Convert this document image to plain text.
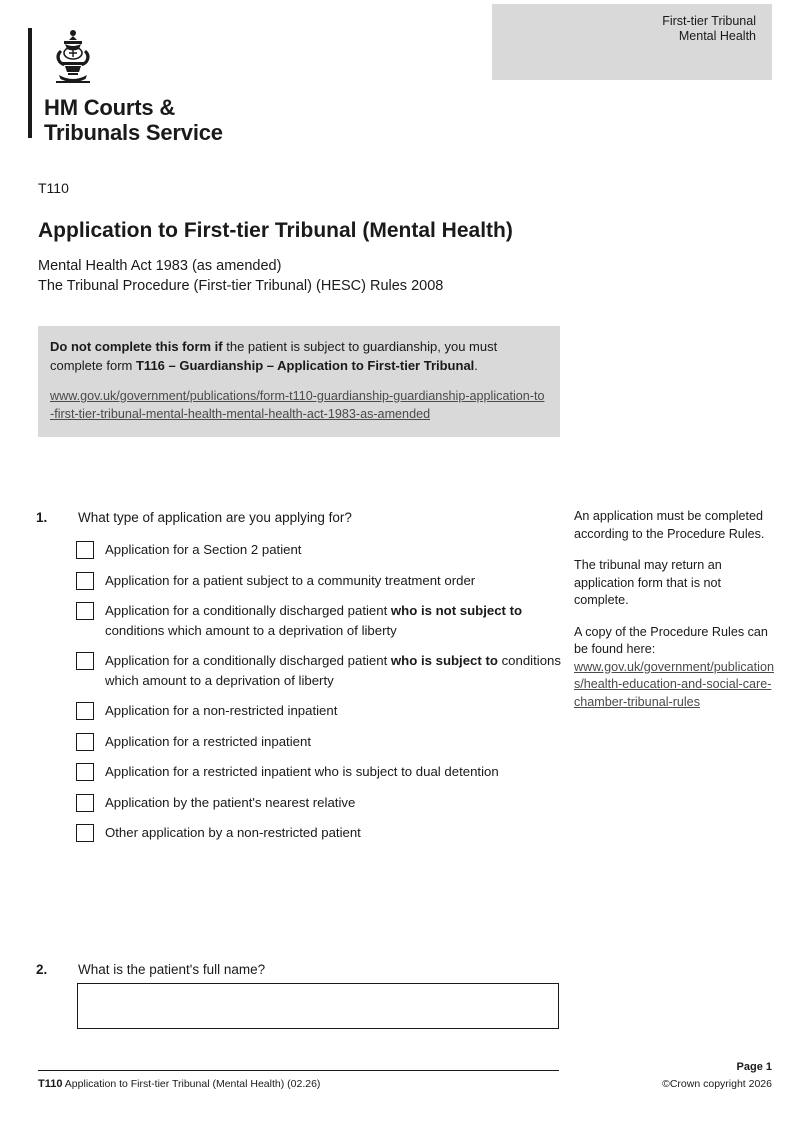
First-tier Tribunal
Mental Health
HM Courts &
Tribunals Service
T110
Application to First-tier Tribunal (Mental Health)
Mental Health Act 1983 (as amended)
The Tribunal Procedure (First-tier Tribunal) (HESC) Rules 2008

Do not complete this form if the patient is subject to guardianship, you must complete form T116 – Guardianship – Application to First-tier Tribunal.

www.gov.uk/government/publications/form-t110-guardianship-guardianship-application-to-first-tier-tribunal-mental-health-mental-health-act-1983-as-amended
1. What type of application are you applying for?
Application for a Section 2 patient
Application for a patient subject to a community treatment order
Application for a conditionally discharged patient who is not subject to conditions which amount to a deprivation of liberty
Application for a conditionally discharged patient who is subject to conditions which amount to a deprivation of liberty
Application for a non-restricted inpatient
Application for a restricted inpatient
Application for a restricted inpatient who is subject to dual detention
Application by the patient's nearest relative
Other application by a non-restricted patient
2. What is the patient's full name?

An application must be completed according to the Procedure Rules.

The tribunal may return an application form that is not complete.

A copy of the Procedure Rules can be found here: www.gov.uk/government/publications/health-education-and-social-care-chamber-tribunal-rules

T110 Application to First-tier Tribunal (Mental Health) (02.26)
Page 1
©Crown copyright 2026
